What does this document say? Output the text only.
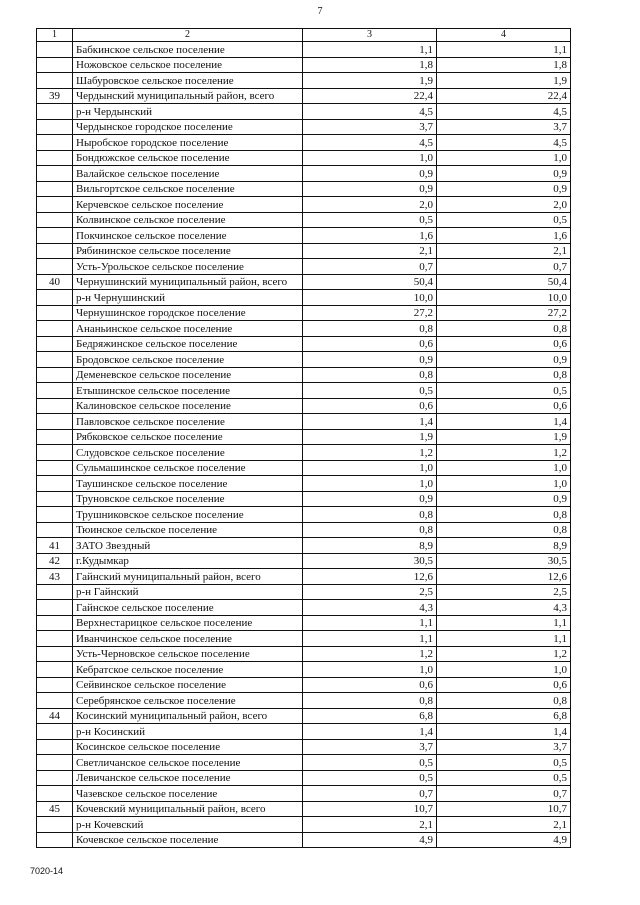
7
1	2	3	4
	Бабкинское сельское поселение	1,1	1,1
	Ножовское сельское поселение	1,8	1,8
	Шабуровское сельское поселение	1,9	1,9
39	Чердынский муниципальный район, всего	22,4	22,4
	р-н Чердынский	4,5	4,5
	Чердынское городское поселение	3,7	3,7
	Ныробское городское поселение	4,5	4,5
	Бондюжское сельское поселение	1,0	1,0
	Валайское сельское поселение	0,9	0,9
	Вильгортское сельское поселение	0,9	0,9
	Керчевское сельское поселение	2,0	2,0
	Колвинское сельское поселение	0,5	0,5
	Покчинское сельское поселение	1,6	1,6
	Рябининское сельское поселение	2,1	2,1
	Усть-Урольское сельское поселение	0,7	0,7
40	Чернушинский муниципальный район, всего	50,4	50,4
	р-н Чернушинский	10,0	10,0
	Чернушинское городское поселение	27,2	27,2
	Ананьинское сельское поселение	0,8	0,8
	Бедряжинское сельское поселение	0,6	0,6
	Бродовское сельское поселение	0,9	0,9
	Деменевское сельское поселение	0,8	0,8
	Етышинское сельское поселение	0,5	0,5
	Калиновское сельское поселение	0,6	0,6
	Павловское сельское поселение	1,4	1,4
	Рябковское сельское поселение	1,9	1,9
	Слудовское сельское поселение	1,2	1,2
	Сульмашинское сельское поселение	1,0	1,0
	Таушинское сельское поселение	1,0	1,0
	Труновское сельское поселение	0,9	0,9
	Трушниковское сельское поселение	0,8	0,8
	Тюинское сельское поселение	0,8	0,8
41	ЗАТО Звездный	8,9	8,9
42	г.Кудымкар	30,5	30,5
43	Гайнский муниципальный район, всего	12,6	12,6
	р-н Гайнский	2,5	2,5
	Гайнское сельское поселение	4,3	4,3
	Верхнестарицкое сельское поселение	1,1	1,1
	Иванчинское сельское поселение	1,1	1,1
	Усть-Черновское сельское поселение	1,2	1,2
	Кебратское сельское поселение	1,0	1,0
	Сейвинское сельское поселение	0,6	0,6
	Серебрянское сельское поселение	0,8	0,8
44	Косинский муниципальный район, всего	6,8	6,8
	р-н Косинский	1,4	1,4
	Косинское сельское поселение	3,7	3,7
	Светличанское сельское поселение	0,5	0,5
	Левичанское сельское поселение	0,5	0,5
	Чазевское сельское поселение	0,7	0,7
45	Кочевский муниципальный район, всего	10,7	10,7
	р-н Кочевский	2,1	2,1
	Кочевское сельское поселение	4,9	4,9
7020-14
